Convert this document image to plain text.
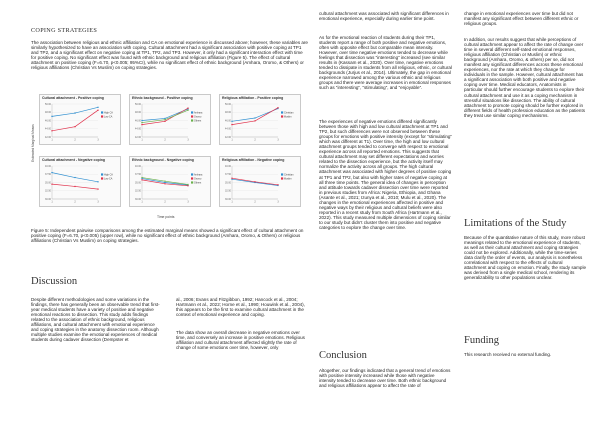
COPING STRATEGIES
The association between religious and ethnic affiliation and CA on emotional experience is discussed above; however, these variables are similarly hypothesized to have an association with coping. Cultural attachment had a significant association with positive coping at TP1 and TP2, and a significant effect on negative coping at TP1, TP2, and TP3. However, it only had a significant interaction effect with time for positive coping. No significant effect was found with ethnic background and religious affiliation (Figure 5). The effect of cultural attachment on positive coping (F=6.70, p<0.005; 95%CI), while no significant effect of ethnic background (Amhara, Oromo, & Others) or religious affiliations (Christian Vs Muslim) on coping strategies.
Estimated Marginal Means
Cultural attachment - Positive coping
42.00
44.00
46.00
48.00
50.00
1	2	3
High CA
Low CA
Ethnic background - Positive coping
42.00
44.00
46.00
48.00
50.00
1	2	3
Amhara
Oromo
Others
Religious affiliation - Positive coping
42.00
44.00
46.00
48.00
50.00
1	2	3
Christian
Muslim
Cultural attachment - Negative coping
30.00
32.50
35.00
37.50
40.00
1	2	3
High CA
Low CA
Ethnic background - Negative coping
30.00
32.50
35.00
37.50
40.00
1	2	3
Amhara
Oromo
Others
Religious affiliation - Negative coping
30.00
32.50
35.00
37.50
40.00
1	2	3
Christian
Muslim
Time points
Figure 5: Independent pairwise comparisons among the estimated marginal means showed a significant effect of cultural attachment on positive coping (F=6.70, p<0.005) (upper row), while no significant effect of ethnic background (Amhara, Oromo, & Others) or religious affiliations (Christian Vs Muslim) on coping strategies.
Discussion
Despite different methodologies and some variations in the findings, there has generally been an observable trend that first-year medical students have a variety of positive and negative emotional reactions to dissection. This study adds findings related to the association of ethnic background, religious affiliations, and cultural attachment with emotional experience and coping strategies in the anatomy dissection room. Although multiple studies examine the emotional experiences of medical students during cadaver dissection (Dempster et
al., 2006; Evans and Fitzgibbon, 1992; Hancock et al., 2004; Hartmann et al., 2022; Horne et al., 1990; Houwink et al., 2004), this appears to be the first to examine cultural attachment in the context of emotional experience and coping.
The data show an overall decrease in negative emotions over time, and conversely an increase in positive emotions. Religious affiliation and cultural attachment affected slightly the rate of change of some emotions over time, however, only
cultural attachment was associated with significant differences in emotional experience, especially during earlier time point.
As for the emotional reaction of students during their TP1, students report a range of both positive and negative emotions, often with opposite effect but comparable mean intensity. However, over time negative emotions tended to decrease while feelings that dissection was “interesting” increased (see similar results in (Kassam et al., 2020). Over time, negative emotions tended to dissipate in students from all religious, ethnic, or cultural backgrounds (Jurjus et al., 2014). Ultimately, the gap in emotional experience narrowed among the various ethnic and religious groups and there were average increases in emotional responses such as “interesting”, “stimulating”, and “enjoyable”.
The experiences of negative emotions differed significantly between those with high and low cultural attachment at TP1 and TP2, but such differences were not observed between these groups for emotions with positive intensity (except for “stimulating” which was different at T1). Over time, the high and low cultural attachment groups tended to converge with respect to emotional experience across all reported emotions. This suggests that cultural attachment may set different expectations and worries related to the dissection experience, but the activity itself may normalize the activity across all groups. The high cultural attachment was associated with higher degrees of positive coping at TP1 and TP2, but also with higher rates of negative coping at all three time points. The general idea of changes in perception and attitude towards cadaver dissection over time were reported in previous studies from Africa: Nigeria, Ethiopia, and Ghana (Asante et al., 2021; Izunya et al., 2010; Mulu et al., 2020). The changes in the emotional experiences affected in positive and negative ways by their religious and cultural beliefs were also reported in a recent study from South Africa (Hartmann et al., 2022). This study measured multiple dimensions of coping similar to our study but didn’t cluster them into positive and negative categories to explore the change over time.
Conclusion
Altogether, our findings indicated that a general trend of emotions with positive intensity increased while those with negative intensity tended to decrease over time. Both ethnic background and religious affiliations appear to affect the rate of
change in emotional experiences over time but did not manifest any significant effect between different ethnic or religious groups.
In addition, our results suggest that while perceptions of cultural attachment appear to affect the rate of change over time in several different self-rated emotional responses, religious affiliation (Christian or Muslim) or ethnic background (Amhara, Oromo, & others) per se, did not manifest any significant differences across these emotional experiences, nor the rate at which they change for individuals in the sample. However, cultural attachment has a significant association with both positive and negative coping over time. Medical educators, Anatomists in particular should further encourage students to explore their cultural attachment and use it as a coping mechanism in stressful situations like dissection. The ability of cultural attachment to promote coping should be further explored in different fields of health profession education as the patients they treat use similar coping mechanisms.
Limitations of the Study
Because of the quantitative nature of this study, more robust meanings related to the emotional experience of students, as well as their cultural attachment and coping strategies could not be explored. Additionally, while the time-series data clarify the order of events, our analysis is nonetheless correlational with respect to the effects of cultural attachment and coping on emotion. Finally, the study sample was derived from a single medical school, rendering its generalizability to other populations unclear.
Funding
This research received no external funding.
